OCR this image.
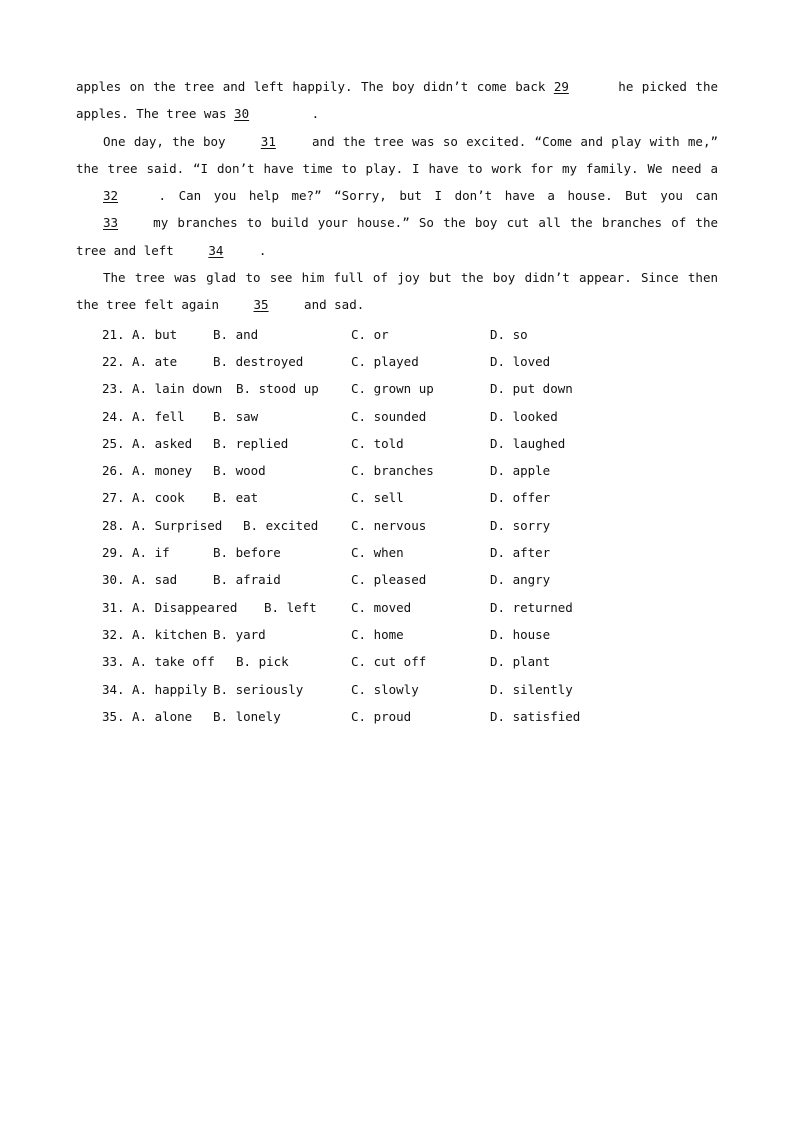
apples on the tree and left happily. The boy didn’t come back 29	he picked the apples. The tree was 30	.

One day, the boy 31 and the tree was so excited. “Come and play with me,” the tree said. “I don’t have time to play. I have to work for my family. We need a 32 . Can you help me?” “Sorry, but I don’t have a house. But you can 33 my branches to build your house.” So the boy cut all the branches of the tree and left 34 .

The tree was glad to see him full of joy but the boy didn’t appear. Since then the tree felt again 35 and sad.

21. A. but	B. and	C. or	D. so
22. A. ate	B. destroyed	C. played	D. loved
23. A. lain down B. stood up	C. grown up	D. put down
24. A. fell B. saw	C. sounded	D. looked
25. A. asked B. replied	C. told	D. laughed
26. A. money B. wood	C. branches	D. apple
27. A. cook B. eat	C. sell	D. offer
28. A. Surprised B. excited	C. nervous	D. sorry
29. A. if	B. before	C. when	D. after
30. A. sad	B. afraid	C. pleased	D. angry
31. A. Disappeared B. left	C. moved	D. returned
32. A. kitchen B. yard	C. home	D. house
33. A. take off B. pick	C. cut off	D. plant
34. A. happily B. seriously	C. slowly	D. silently
35. A. alone B. lonely	C. proud	D. satisfied
